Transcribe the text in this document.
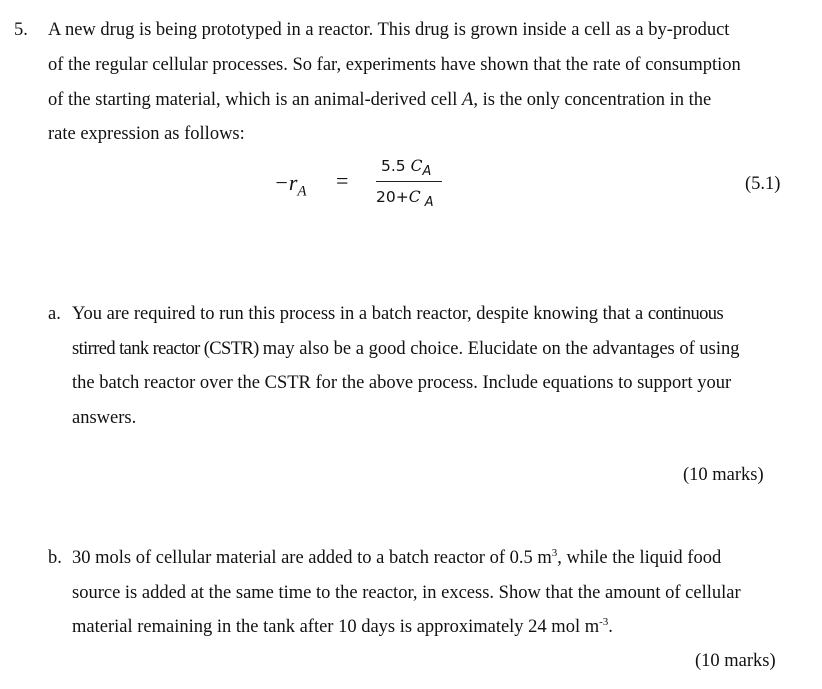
5. A new drug is being prototyped in a reactor. This drug is grown inside a cell as a by-product
of the regular cellular processes. So far, experiments have shown that the rate of consumption
of the starting material, which is an animal-derived cell A, is the only concentration in the
rate expression as follows:
$-r_A$ =
5.5 $C_A$
20+C $_A$
(5.1)
a. You are required to run this process in a batch reactor, despite knowing that a continuous
stirred tank reactor (CSTR) may also be a good choice. Elucidate on the advantages of using
the batch reactor over the CSTR for the above process. Include equations to support your
answers.
(10 marks)
b. 30 mols of cellular material are added to a batch reactor of 0.5 $m^3$, while the liquid food
source is added at the same time to the reactor, in excess. Show that the amount of cellular
material remaining in the tank after 10 days is approximately 24 mol $m^{-3}$.
(10 marks)
